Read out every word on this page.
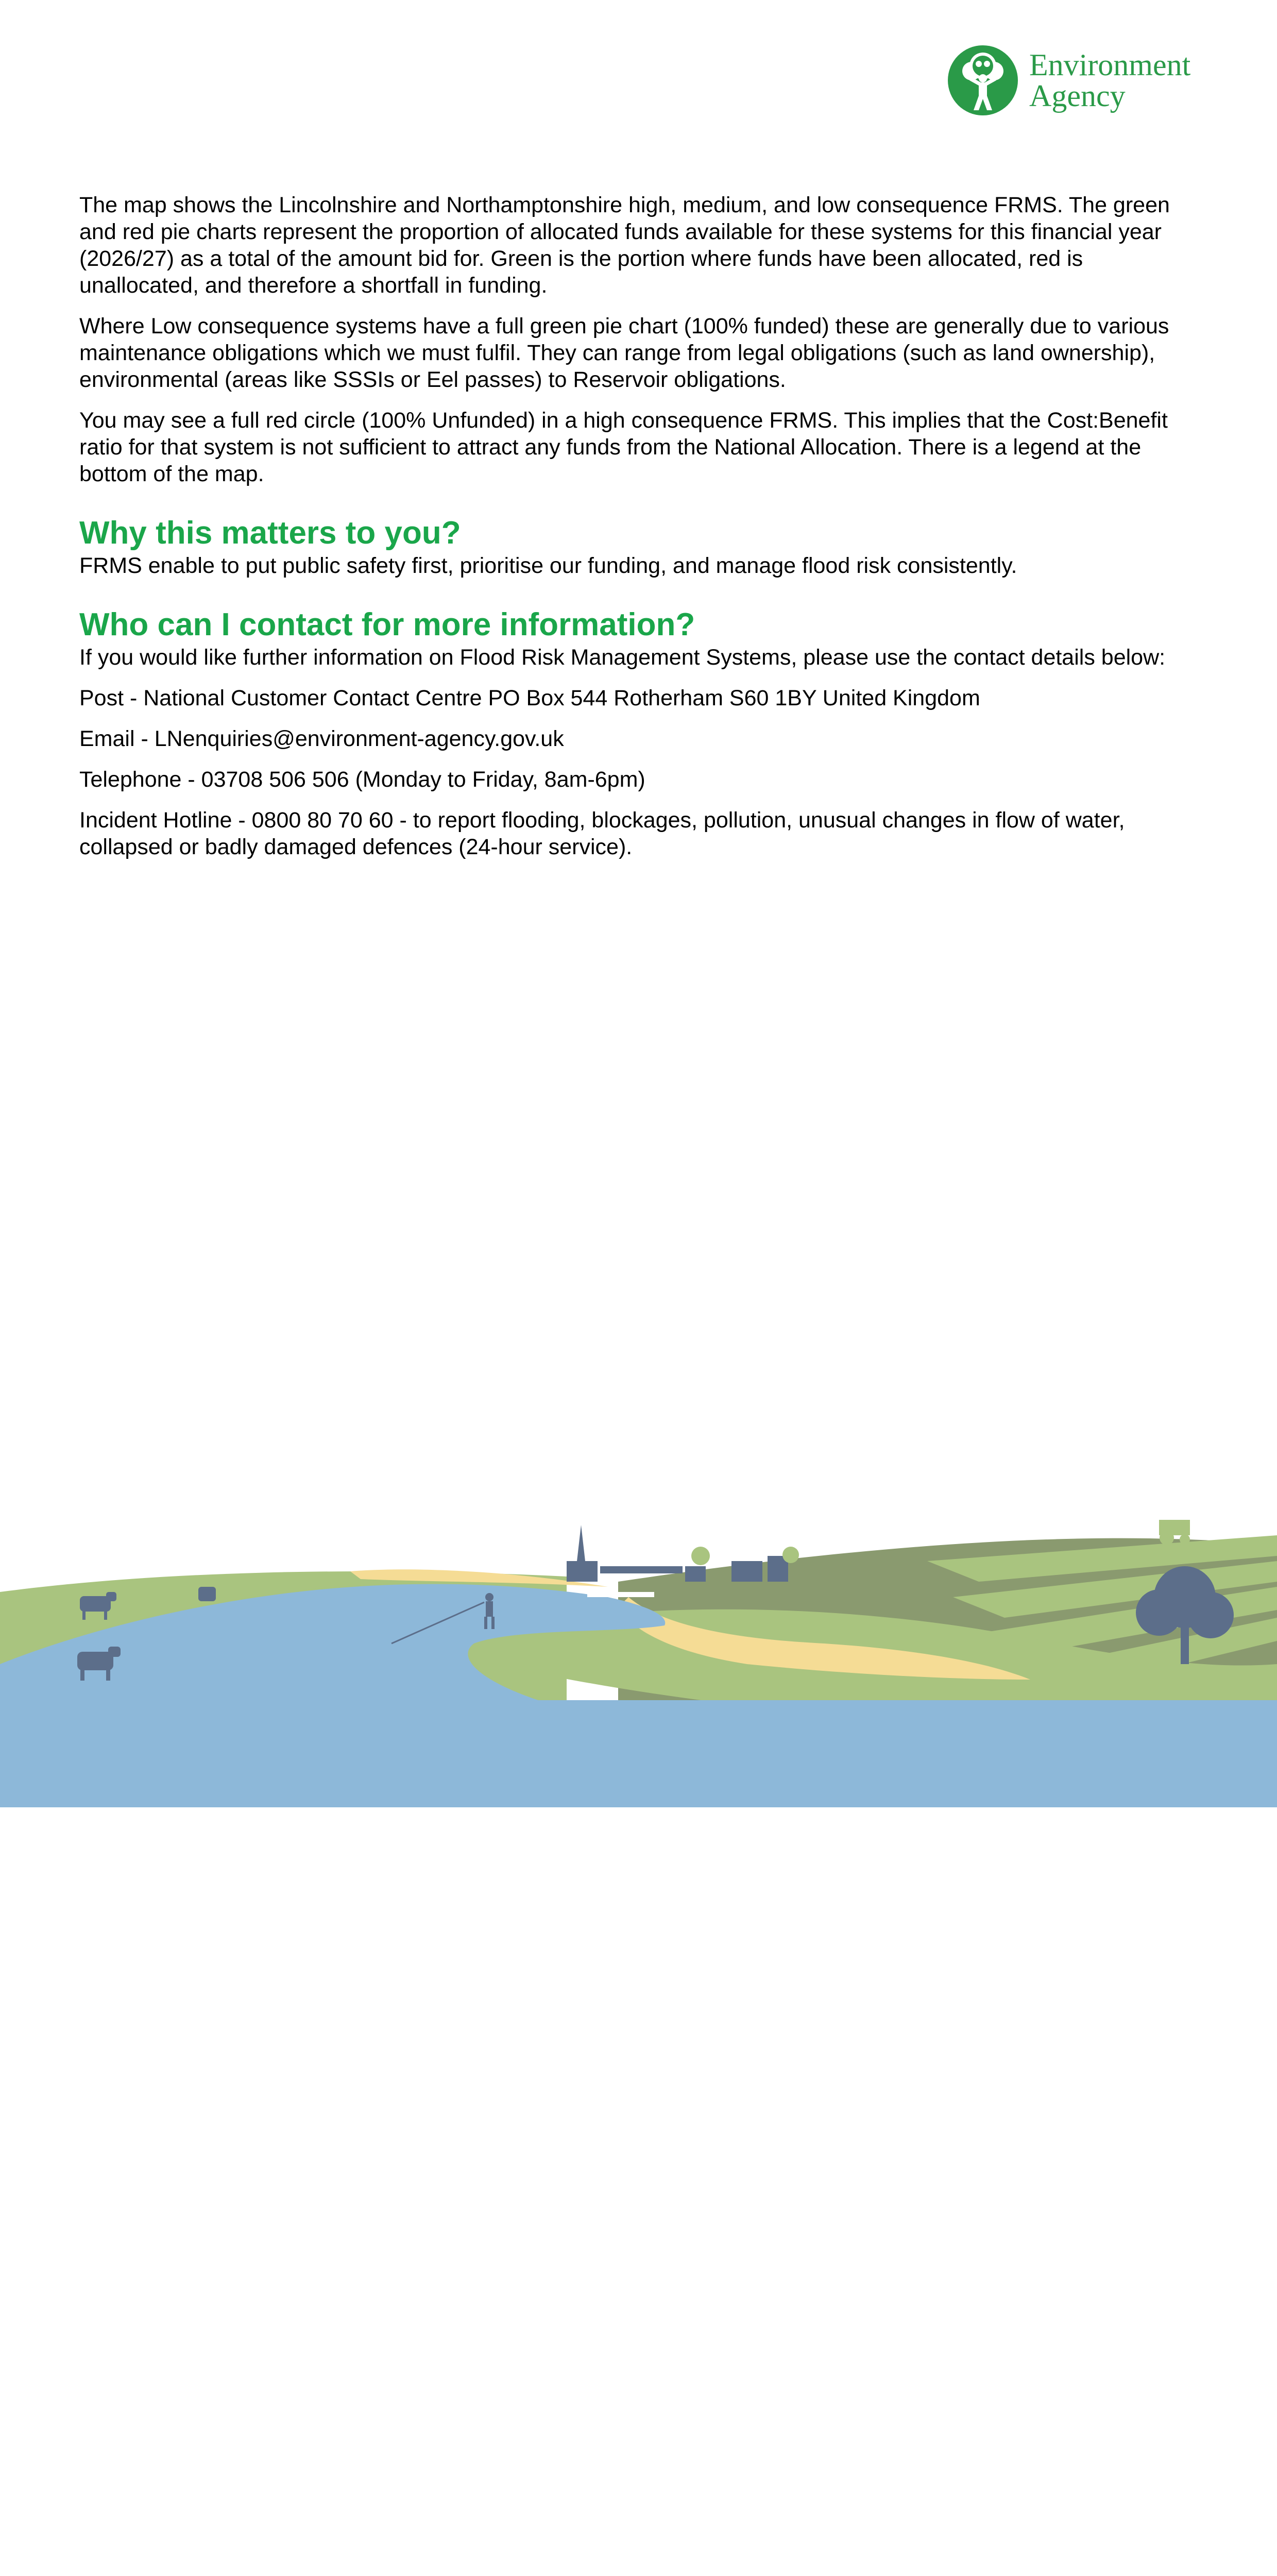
Environment
Agency

The map shows the Lincolnshire and Northamptonshire high, medium, and low consequence FRMS. The green and red pie charts represent the proportion of allocated funds available for these systems for this financial year (2026/27) as a total of the amount bid for. Green is the portion where funds have been allocated, red is unallocated, and therefore a shortfall in funding.

Where Low consequence systems have a full green pie chart (100% funded) these are generally due to various maintenance obligations which we must fulfil. They can range from legal obligations (such as land ownership), environmental (areas like SSSIs or Eel passes) to Reservoir obligations.

You may see a full red circle (100% Unfunded) in a high consequence FRMS. This implies that the Cost:Benefit ratio for that system is not sufficient to attract any funds from the National Allocation. There is a legend at the bottom of the map.

Why this matters to you?

FRMS enable to put public safety first, prioritise our funding, and manage flood risk consistently.

Who can I contact for more information?

If you would like further information on Flood Risk Management Systems, please use the contact details below:

Post - National Customer Contact Centre PO Box 544 Rotherham S60 1BY United Kingdom

Email - LNenquiries@environment-agency.gov.uk

Telephone - 03708 506 506 (Monday to Friday, 8am-6pm)

Incident Hotline - 0800 80 70 60 - to report flooding, blockages, pollution, unusual changes in flow of water, collapsed or badly damaged defences (24-hour service).
